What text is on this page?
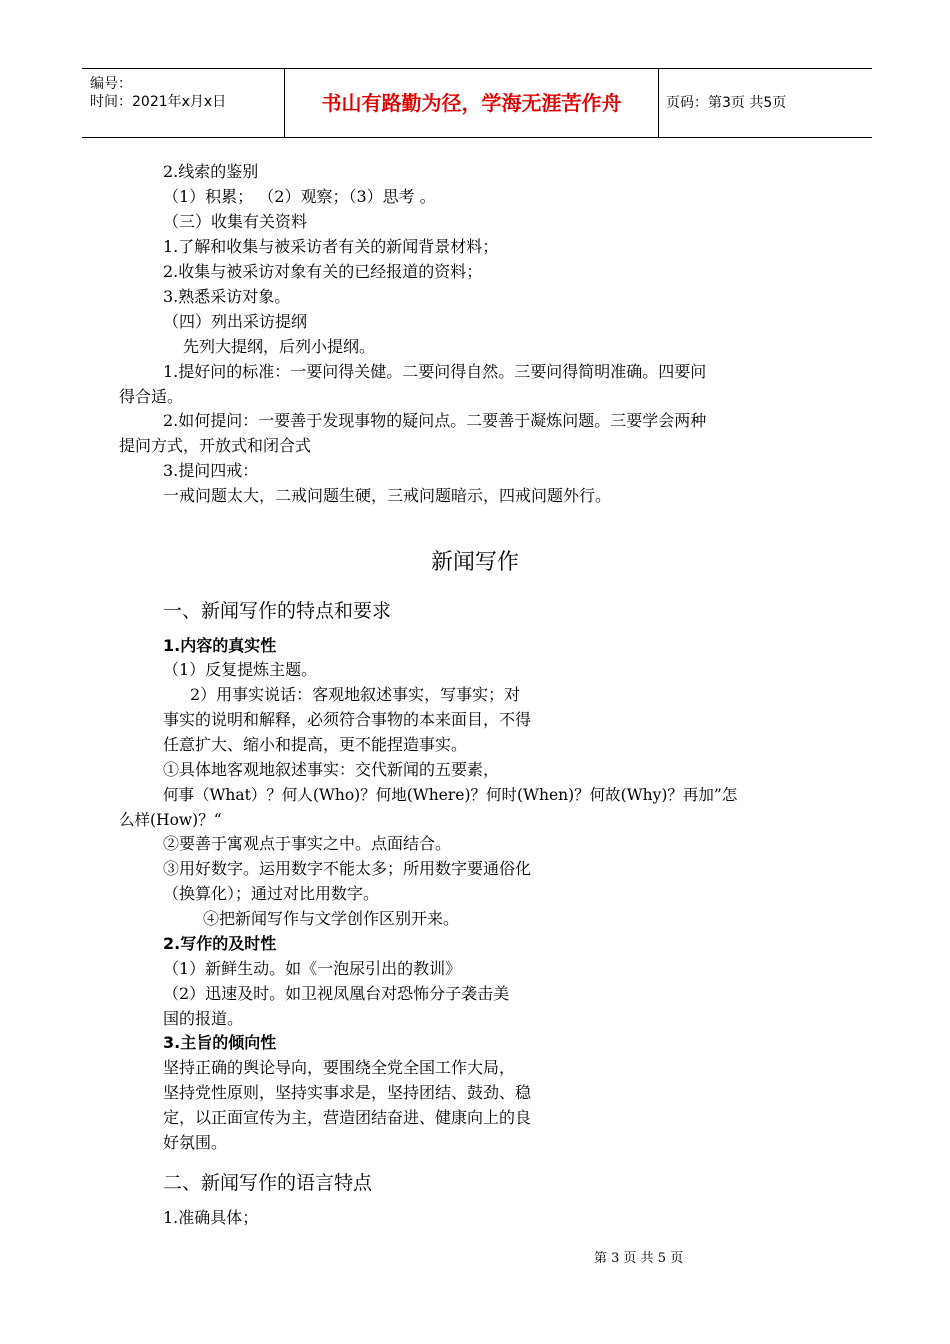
编号：
时间：2021年x月x日	书山有路勤为径，学海无涯苦作舟	页码：第3页 共5页
2.线索的鉴别
（1）积累； （2）观察；（3）思考 。
（三）收集有关资料
1.了解和收集与被采访者有关的新闻背景材料；
2.收集与被采访对象有关的已经报道的资料；
3.熟悉采访对象。
（四）列出采访提纲
先列大提纲，后列小提纲。
1.提好问的标准：一要问得关健。二要问得自然。三要问得简明准确。四要问
得合适。
2.如何提问：一要善于发现事物的疑问点。二要善于凝炼问题。三要学会两种
提问方式，开放式和闭合式
3.提问四戒：
一戒问题太大，二戒问题生硬，三戒问题暗示，四戒问题外行。
新闻写作
一、新闻写作的特点和要求
1.内容的真实性
（1）反复提炼主题。
2）用事实说话：客观地叙述事实，写事实；对
事实的说明和解释，必须符合事物的本来面目，不得
任意扩大、缩小和提高，更不能捏造事实。
①具体地客观地叙述事实：交代新闻的五要素，
何事（What）？何人(Who)？何地(Where)？何时(When)？何故(Why)？再加”怎
么样(How)？“
②要善于寓观点于事实之中。点面结合。
③用好数字。运用数字不能太多；所用数字要通俗化
（换算化）；通过对比用数字。
④把新闻写作与文学创作区别开来。
2.写作的及时性
（1）新鲜生动。如《一泡尿引出的教训》
（2）迅速及时。如卫视凤凰台对恐怖分子袭击美
国的报道。
3.主旨的倾向性
坚持正确的舆论导向，要围绕全党全国工作大局，
坚持党性原则，坚持实事求是，坚持团结、鼓劲、稳
定，以正面宣传为主，营造团结奋进、健康向上的良
好氛围。
二、新闻写作的语言特点
1.准确具体；
第 3 页 共 5 页
